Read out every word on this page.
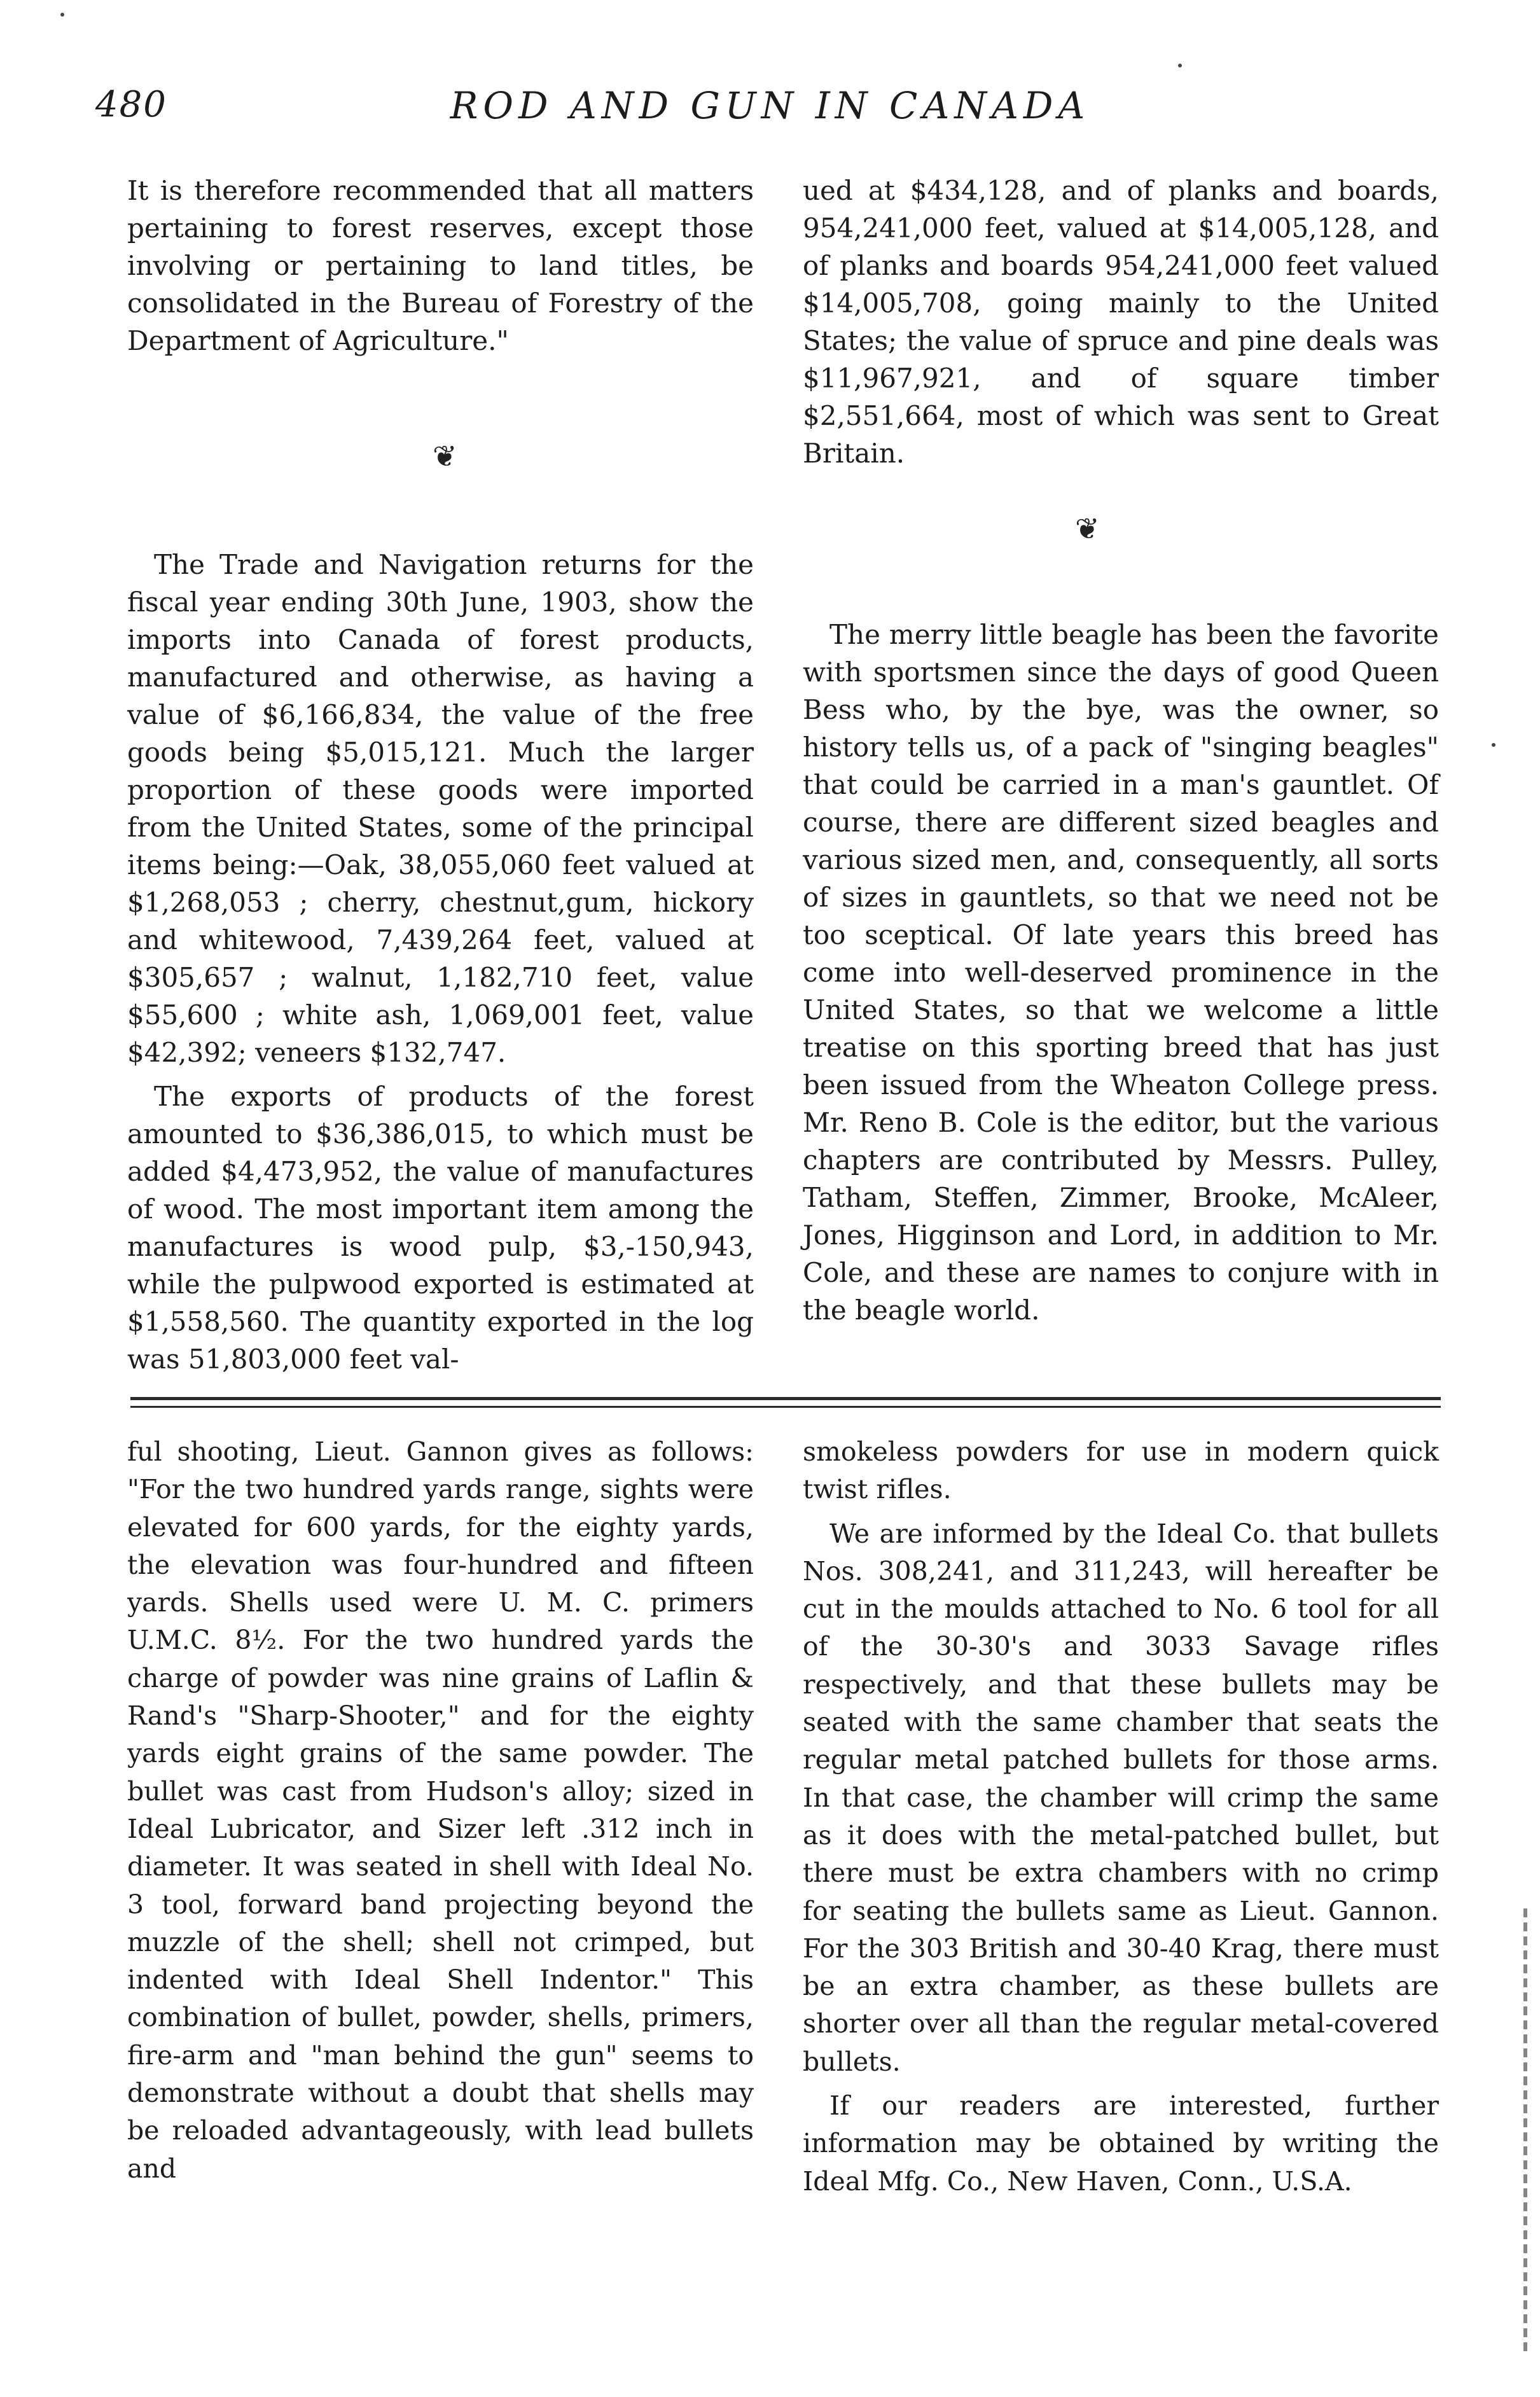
480	ROD AND GUN IN CANADA

It is therefore recommended that all matters pertaining to forest reserves, except those involving or pertaining to land titles, be consolidated in the Bureau of Forestry of the Department of Agriculture."

❦

The Trade and Navigation returns for the fiscal year ending 30th June, 1903, show the imports into Canada of forest products, manufactured and otherwise, as having a value of $6,166,834, the value of the free goods being $5,015,121. Much the larger proportion of these goods were imported from the United States, some of the principal items being:—Oak, 38,055,060 feet valued at $1,268,053 ; cherry, chestnut,gum, hickory and whitewood, 7,439,264 feet, valued at $305,657 ; walnut, 1,182,710 feet, value $55,600 ; white ash, 1,069,001 feet, value $42,392; veneers $132,747.

The exports of products of the forest amounted to $36,386,015, to which must be added $4,473,952, the value of manufactures of wood. The most important item among the manufactures is wood pulp, $3,-150,943, while the pulpwood exported is estimated at $1,558,560. The quantity exported in the log was 51,803,000 feet val-

ued at $434,128, and of planks and boards, 954,241,000 feet, valued at $14,005,128, and of planks and boards 954,241,000 feet valued $14,005,708, going mainly to the United States; the value of spruce and pine deals was $11,967,921, and of square timber $2,551,664, most of which was sent to Great Britain.

❦

The merry little beagle has been the favorite with sportsmen since the days of good Queen Bess who, by the bye, was the owner, so history tells us, of a pack of "singing beagles" that could be carried in a man's gauntlet. Of course, there are different sized beagles and various sized men, and, consequently, all sorts of sizes in gauntlets, so that we need not be too sceptical. Of late years this breed has come into well-deserved prominence in the United States, so that we welcome a little treatise on this sporting breed that has just been issued from the Wheaton College press. Mr. Reno B. Cole is the editor, but the various chapters are contributed by Messrs. Pulley, Tatham, Steffen, Zimmer, Brooke, McAleer, Jones, Higginson and Lord, in addition to Mr. Cole, and these are names to conjure with in the beagle world.

ful shooting, Lieut. Gannon gives as follows: "For the two hundred yards range, sights were elevated for 600 yards, for the eighty yards, the elevation was four-hundred and fifteen yards. Shells used were U. M. C. primers U.M.C. 8½. For the two hundred yards the charge of powder was nine grains of Laflin & Rand's "Sharp-Shooter," and for the eighty yards eight grains of the same powder. The bullet was cast from Hudson's alloy; sized in Ideal Lubricator, and Sizer left .312 inch in diameter. It was seated in shell with Ideal No. 3 tool, forward band projecting beyond the muzzle of the shell; shell not crimped, but indented with Ideal Shell Indentor." This combination of bullet, powder, shells, primers, fire-arm and "man behind the gun" seems to demonstrate without a doubt that shells may be reloaded advantageously, with lead bullets and

smokeless powders for use in modern quick twist rifles.

We are informed by the Ideal Co. that bullets Nos. 308,241, and 311,243, will hereafter be cut in the moulds attached to No. 6 tool for all of the 30-30's and 3033 Savage rifles respectively, and that these bullets may be seated with the same chamber that seats the regular metal patched bullets for those arms. In that case, the chamber will crimp the same as it does with the metal-patched bullet, but there must be extra chambers with no crimp for seating the bullets same as Lieut. Gannon. For the 303 British and 30-40 Krag, there must be an extra chamber, as these bullets are shorter over all than the regular metal-covered bullets.

If our readers are interested, further information may be obtained by writing the Ideal Mfg. Co., New Haven, Conn., U.S.A.
